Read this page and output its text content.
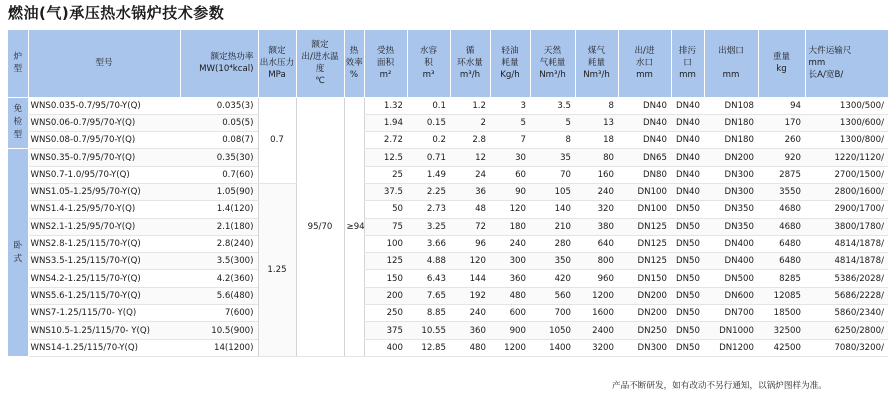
燃油(气)承压热水锅炉技术参数
炉
型	型号	额定热功率
MW(10⁴kcal)	额定
出水压力
MPa	额定
出/进水温
度
℃	热
效率
%	受热
面积
m²	水容
积
m³	循
环水量
m³/h	轻油
耗量
Kg/h	天然
气耗量
Nm³/h	煤气
耗量
Nm³/h	出/进
水口
mm	排污
口
mm	出烟口

mm	重量
kg	大件运输尺
mm
长A/宽B/
免
检
型	WNS0.035-0.7/95/70-Y(Q)	0.035(3)	0.7	95/70	≥94	1.32	0.1	1.2	3	3.5	8	DN40	DN40	DN108	94	1300/500/
	WNS0.06-0.7/95/70-Y(Q)	0.05(5)				1.94	0.15	2	5	5	13	DN40	DN40	DN180	170	1300/600/
	WNS0.08-0.7/95/70-Y(Q)	0.08(7)				2.72	0.2	2.8	7	8	18	DN40	DN40	DN180	260	1300/800/
卧
式	WNS0.35-0.7/95/70-Y(Q)	0.35(30)				12.5	0.71	12	30	35	80	DN65	DN40	DN200	920	1220/1120/
	WNS0.7-1.0/95/70-Y(Q)	0.7(60)				25	1.49	24	60	70	160	DN80	DN40	DN300	2875	2700/1500/
	WNS1.05-1.25/95/70-Y(Q)	1.05(90)	1.25			37.5	2.25	36	90	105	240	DN100	DN40	DN300	3550	2800/1600/
	WNS1.4-1.25/95/70-Y(Q)	1.4(120)				50	2.73	48	120	140	320	DN100	DN50	DN350	4680	2900/1700/
	WNS2.1-1.25/95/70-Y(Q)	2.1(180)				75	3.25	72	180	210	380	DN125	DN50	DN350	4680	3800/1780/
	WNS2.8-1.25/115/70-Y(Q)	2.8(240)				100	3.66	96	240	280	640	DN125	DN50	DN400	6480	4814/1878/
	WNS3.5-1.25/115/70-Y(Q)	3.5(300)				125	4.88	120	300	350	800	DN125	DN50	DN400	6480	4814/1878/
	WNS4.2-1.25/115/70-Y(Q)	4.2(360)				150	6.43	144	360	420	960	DN150	DN50	DN500	8285	5386/2028/
	WNS5.6-1.25/115/70-Y(Q)	5.6(480)				200	7.65	192	480	560	1200	DN200	DN50	DN600	12085	5686/2228/
	WNS7-1.25/115/70- Y(Q)	7(600)				250	8.85	240	600	700	1600	DN200	DN50	DN700	18500	5860/2340/
	WNS10.5-1.25/115/70- Y(Q)	10.5(900)				375	10.55	360	900	1050	2400	DN250	DN50	DN1000	32500	6250/2800/
	WNS14-1.25/115/70-Y(Q)	14(1200)				400	12.85	480	1200	1400	3200	DN300	DN50	DN1200	42500	7080/3200/
产品不断研发，如有改动不另行通知，以锅炉图样为准。
